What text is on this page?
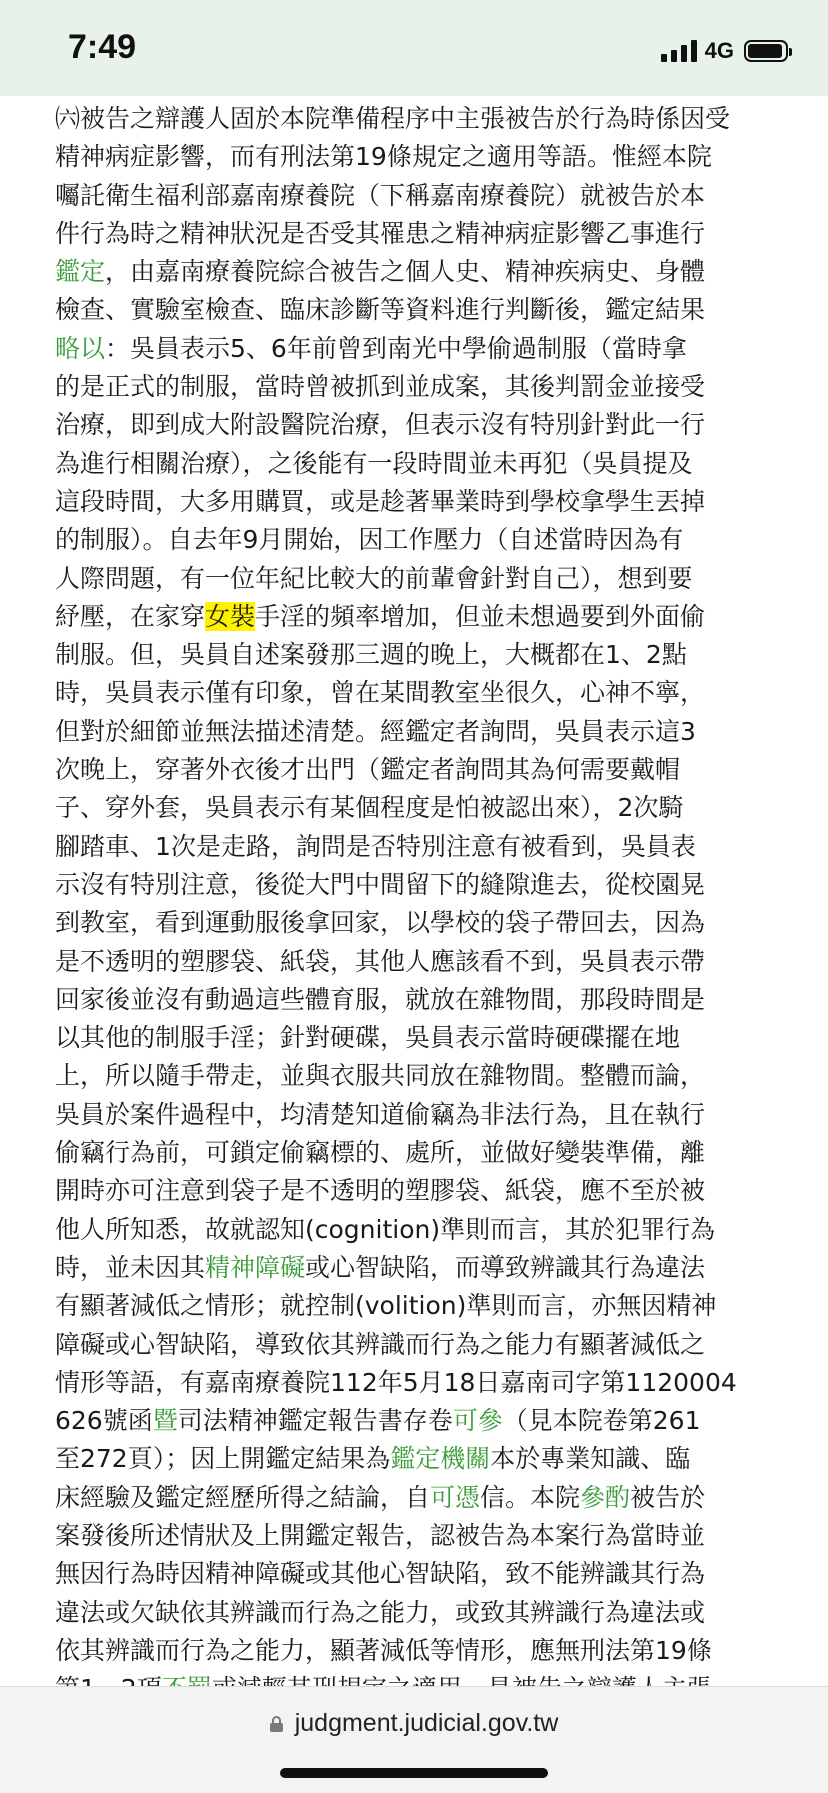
7:49	4G
㈥被告之辯護人固於本院準備程序中主張被告於行為時係因受
精神病症影響，而有刑法第19條規定之適用等語。惟經本院
囑託衛生福利部嘉南療養院（下稱嘉南療養院）就被告於本
件行為時之精神狀況是否受其罹患之精神病症影響乙事進行
鑑定，由嘉南療養院綜合被告之個人史、精神疾病史、身體
檢查、實驗室檢查、臨床診斷等資料進行判斷後，鑑定結果
略以：吳員表示5、6年前曾到南光中學偷過制服（當時拿
的是正式的制服，當時曾被抓到並成案，其後判罰金並接受
治療，即到成大附設醫院治療，但表示沒有特別針對此一行
為進行相關治療），之後能有一段時間並未再犯（吳員提及
這段時間，大多用購買，或是趁著畢業時到學校拿學生丟掉
的制服）。自去年9月開始，因工作壓力（自述當時因為有
人際問題，有一位年紀比較大的前輩會針對自己），想到要
紓壓，在家穿女裝手淫的頻率增加，但並未想過要到外面偷
制服。但，吳員自述案發那三週的晚上，大概都在1、2點
時，吳員表示僅有印象，曾在某間教室坐很久，心神不寧，
但對於細節並無法描述清楚。經鑑定者詢問，吳員表示這3
次晚上，穿著外衣後才出門（鑑定者詢問其為何需要戴帽
子、穿外套，吳員表示有某個程度是怕被認出來），2次騎
腳踏車、1次是走路，詢問是否特別注意有被看到，吳員表
示沒有特別注意，後從大門中間留下的縫隙進去，從校園晃
到教室，看到運動服後拿回家，以學校的袋子帶回去，因為
是不透明的塑膠袋、紙袋，其他人應該看不到，吳員表示帶
回家後並沒有動過這些體育服，就放在雜物間，那段時間是
以其他的制服手淫；針對硬碟，吳員表示當時硬碟擺在地
上，所以隨手帶走，並與衣服共同放在雜物間。整體而論，
吳員於案件過程中，均清楚知道偷竊為非法行為，且在執行
偷竊行為前，可鎖定偷竊標的、處所，並做好變裝準備，離
開時亦可注意到袋子是不透明的塑膠袋、紙袋，應不至於被
他人所知悉，故就認知(cognition)準則而言，其於犯罪行為
時，並未因其精神障礙或心智缺陷，而導致辨識其行為違法
有顯著減低之情形；就控制(volition)準則而言，亦無因精神
障礙或心智缺陷，導致依其辨識而行為之能力有顯著減低之
情形等語，有嘉南療養院112年5月18日嘉南司字第1120004
626號函暨司法精神鑑定報告書存卷可參（見本院卷第261
至272頁）；因上開鑑定結果為鑑定機關本於專業知識、臨
床經驗及鑑定經歷所得之結論，自可憑信。本院參酌被告於
案發後所述情狀及上開鑑定報告，認被告為本案行為當時並
無因行為時因精神障礙或其他心智缺陷，致不能辨識其行為
違法或欠缺依其辨識而行為之能力，或致其辨識行為違法或
依其辨識而行為之能力，顯著減低等情形，應無刑法第19條
judgment.judicial.gov.tw
